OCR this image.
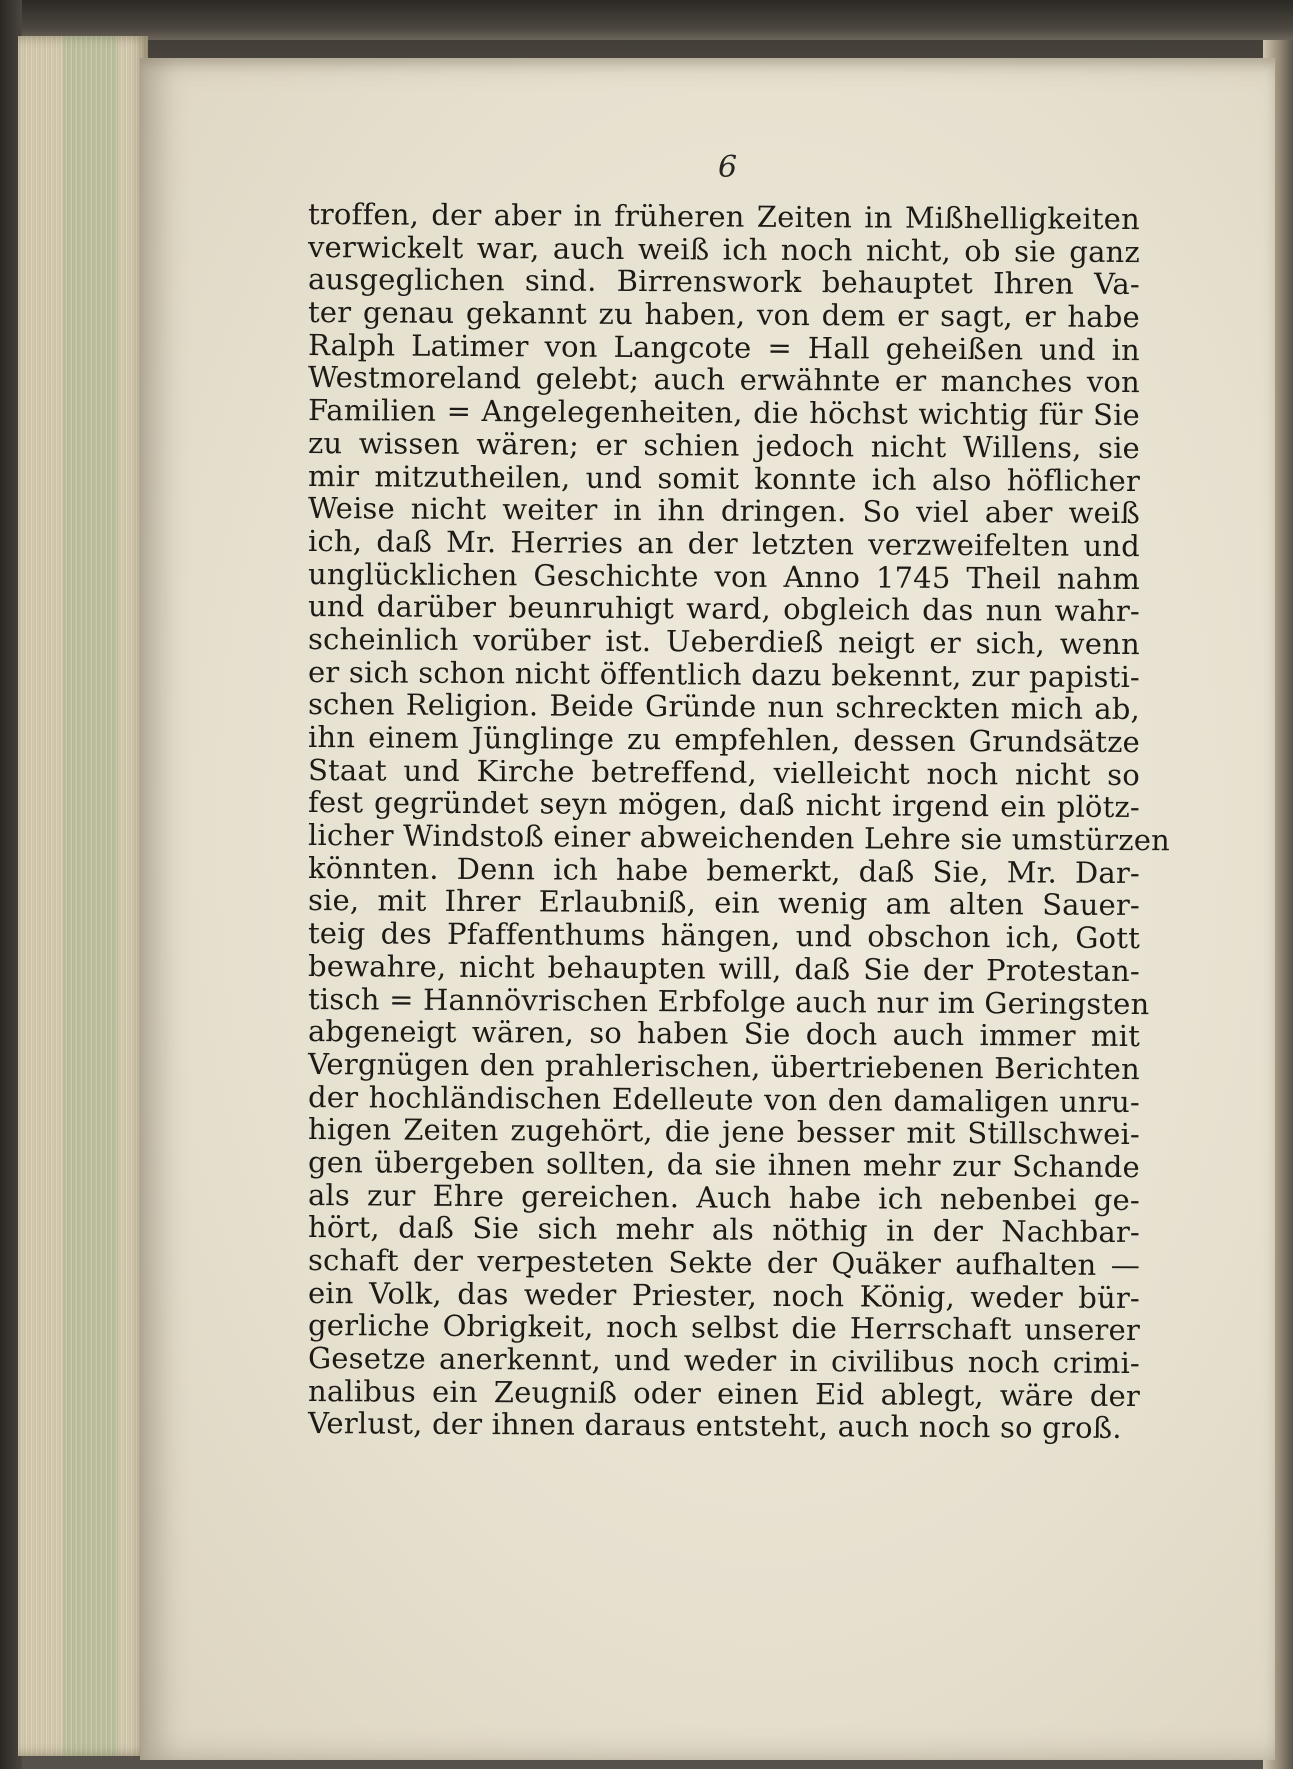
6
troffen, der aber in früheren Zeiten in Mißhelligkeiten
verwickelt war, auch weiß ich noch nicht, ob sie ganz
ausgeglichen sind. Birrenswork behauptet Ihren Va-
ter genau gekannt zu haben, von dem er sagt, er habe
Ralph Latimer von Langcote = Hall geheißen und in
Westmoreland gelebt; auch erwähnte er manches von
Familien = Angelegenheiten, die höchst wichtig für Sie
zu wissen wären; er schien jedoch nicht Willens, sie
mir mitzutheilen, und somit konnte ich also höflicher
Weise nicht weiter in ihn dringen. So viel aber weiß
ich, daß Mr. Herries an der letzten verzweifelten und
unglücklichen Geschichte von Anno 1745 Theil nahm
und darüber beunruhigt ward, obgleich das nun wahr-
scheinlich vorüber ist. Ueberdieß neigt er sich, wenn
er sich schon nicht öffentlich dazu bekennt, zur papisti-
schen Religion. Beide Gründe nun schreckten mich ab,
ihn einem Jünglinge zu empfehlen, dessen Grundsätze
Staat und Kirche betreffend, vielleicht noch nicht so
fest gegründet seyn mögen, daß nicht irgend ein plötz-
licher Windstoß einer abweichenden Lehre sie umstürzen
könnten. Denn ich habe bemerkt, daß Sie, Mr. Dar-
sie, mit Ihrer Erlaubniß, ein wenig am alten Sauer-
teig des Pfaffenthums hängen, und obschon ich, Gott
bewahre, nicht behaupten will, daß Sie der Protestan-
tisch = Hannövrischen Erbfolge auch nur im Geringsten
abgeneigt wären, so haben Sie doch auch immer mit
Vergnügen den prahlerischen, übertriebenen Berichten
der hochländischen Edelleute von den damaligen unru-
higen Zeiten zugehört, die jene besser mit Stillschwei-
gen übergeben sollten, da sie ihnen mehr zur Schande
als zur Ehre gereichen. Auch habe ich nebenbei ge-
hört, daß Sie sich mehr als nöthig in der Nachbar-
schaft der verpesteten Sekte der Quäker aufhalten —
ein Volk, das weder Priester, noch König, weder bür-
gerliche Obrigkeit, noch selbst die Herrschaft unserer
Gesetze anerkennt, und weder in civilibus noch crimi-
nalibus ein Zeugniß oder einen Eid ablegt, wäre der
Verlust, der ihnen daraus entsteht, auch noch so groß.
